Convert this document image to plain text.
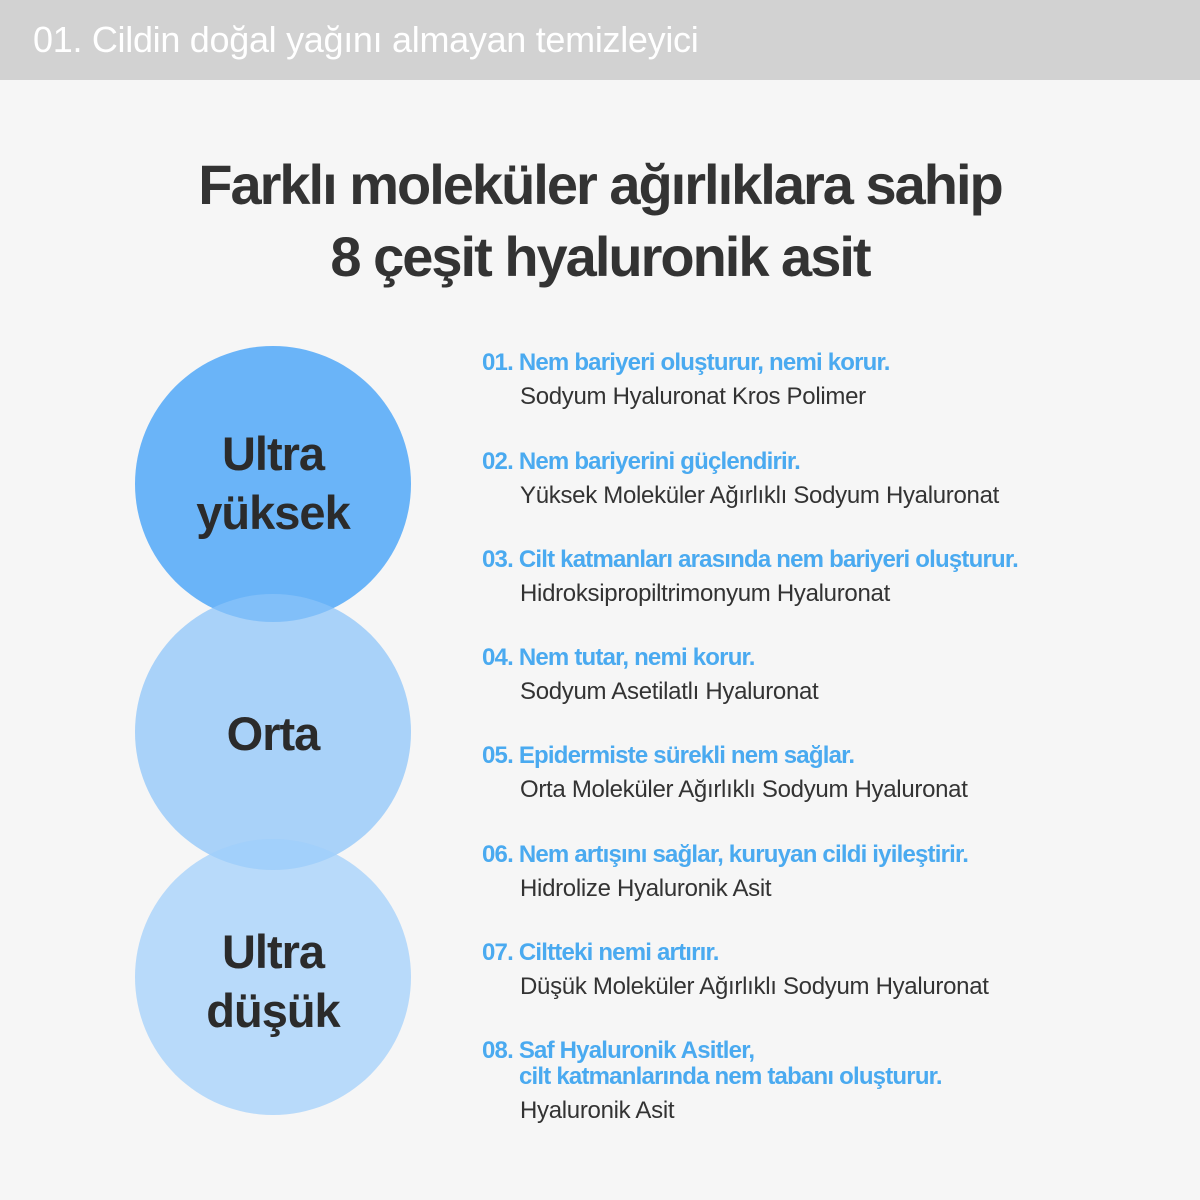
01. Cildin doğal yağını almayan temizleyici
Farklı moleküler ağırlıklara sahip
8 çeşit hyaluronik asit
Ultra
yüksek
Orta
Ultra
düşük
01. Nem bariyeri oluşturur, nemi korur.
Sodyum Hyaluronat Kros Polimer
02. Nem bariyerini güçlendirir.
Yüksek Moleküler Ağırlıklı Sodyum Hyaluronat
03. Cilt katmanları arasında nem bariyeri oluşturur.
Hidroksipropiltrimonyum Hyaluronat
04. Nem tutar, nemi korur.
Sodyum Asetilatlı Hyaluronat
05. Epidermiste sürekli nem sağlar.
Orta Moleküler Ağırlıklı Sodyum Hyaluronat
06. Nem artışını sağlar, kuruyan cildi iyileştirir.
Hidrolize Hyaluronik Asit
07. Ciltteki nemi artırır.
Düşük Moleküler Ağırlıklı Sodyum Hyaluronat
08. Saf Hyaluronik Asitler,
cilt katmanlarında nem tabanı oluşturur.
Hyaluronik Asit
